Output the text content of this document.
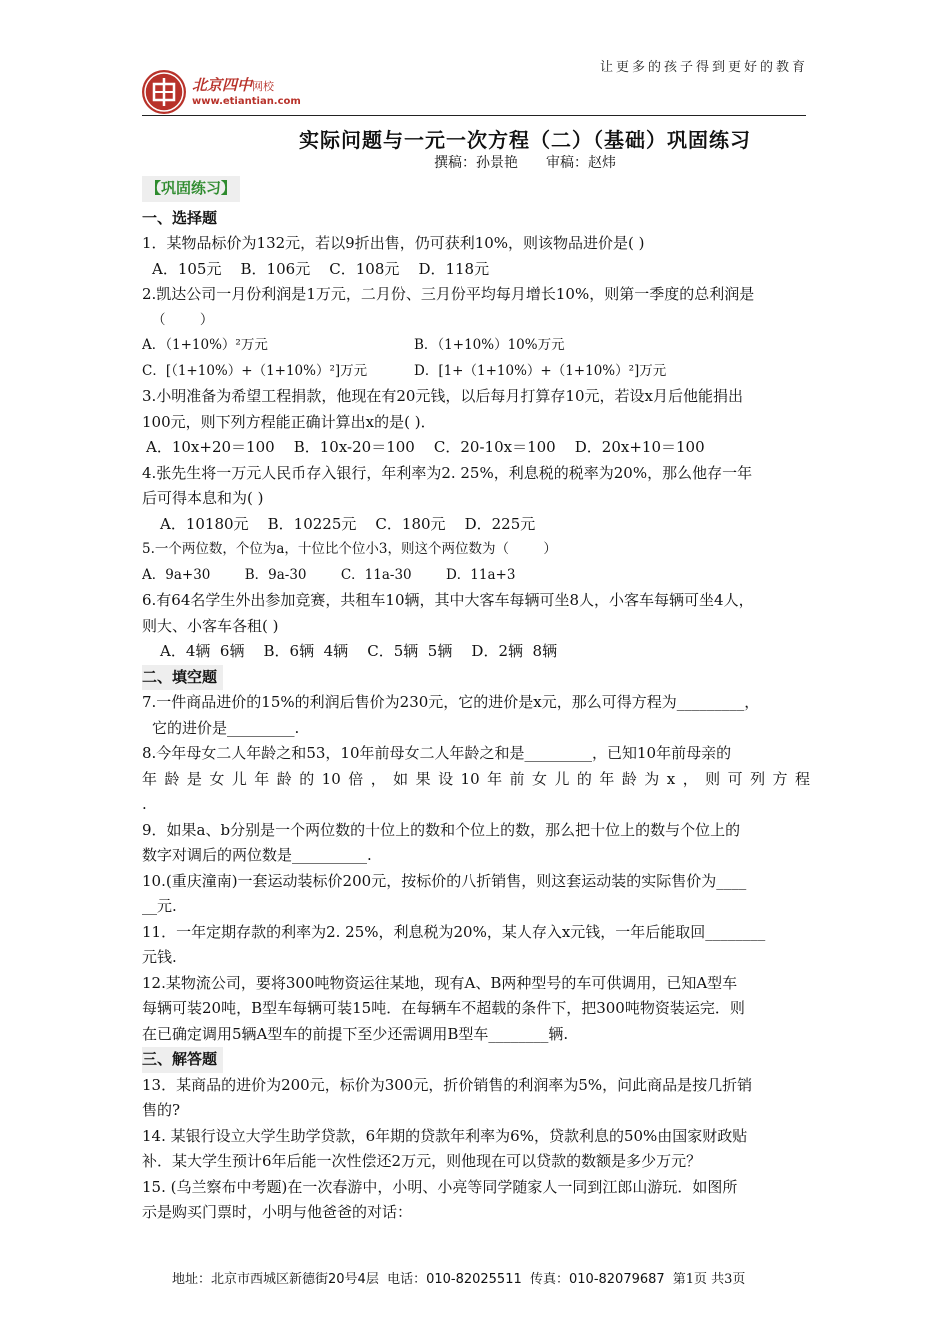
让更多的孩子得到更好的教育
北京四中网校
www.etiantian.com
实际问题与一元一次方程（二）（基础）巩固练习
撰稿：孙景艳　　审稿：赵炜
【巩固练习】
一、选择题
1．某物品标价为132元，若以9折出售，仍可获利10%，则该物品进价是( )
A．105元    B．106元    C．108元    D．118元
2.凯达公司一月份利润是1万元，二月份、三月份平均每月增长10%，则第一季度的总利润是
（        ）
A．（1+10%）²万元	B．（1+10%）10%万元
C．[（1+10%）+（1+10%）²]万元	D．[1+（1+10%）+（1+10%）²]万元
3.小明准备为希望工程捐款，他现在有20元钱，以后每月打算存10元，若设x月后他能捐出
100元，则下列方程能正确计算出x的是( )．
A．10x+20＝100    B．10x-20＝100    C．20-10x＝100    D．20x+10＝100
4.张先生将一万元人民币存入银行，年利率为2. 25%，利息税的税率为20%，那么他存一年
后可得本息和为( )
A．10180元    B．10225元    C．180元    D．225元
5.一个两位数，个位为a，十位比个位小3，则这个两位数为（        ）
A．9a+30        B．9a-30        C．11a-30        D．11a+3
6.有64名学生外出参加竞赛，共租车10辆，其中大客车每辆可坐8人，小客车每辆可坐4人，
则大、小客车各租( )
A．4辆  6辆    B．6辆  4辆    C．5辆  5辆    D．2辆  8辆
二、填空题
7.一件商品进价的15%的利润后售价为230元，它的进价是x元，那么可得方程为_________，
它的进价是_________.
8.今年母女二人年龄之和53，10年前母女二人年龄之和是_________，已知10年前母亲的
年龄是女儿年龄的10倍，如果设10年前女儿的年龄为x，则可列方程
.
9．如果a、b分别是一个两位数的十位上的数和个位上的数，那么把十位上的数与个位上的
数字对调后的两位数是__________.
10.(重庆潼南)一套运动装标价200元，按标价的八折销售，则这套运动装的实际售价为____
__元.
11．一年定期存款的利率为2. 25%，利息税为20%，某人存入x元钱，一年后能取回________
元钱.
12.某物流公司，要将300吨物资运往某地，现有A、B两种型号的车可供调用，已知A型车
每辆可装20吨，B型车每辆可装15吨．在每辆车不超载的条件下，把300吨物资装运完．则
在已确定调用5辆A型车的前提下至少还需调用B型车________辆.
三、解答题
13．某商品的进价为200元，标价为300元，折价销售的利润率为5%，问此商品是按几折销
售的?
14. 某银行设立大学生助学贷款，6年期的贷款年利率为6%，贷款利息的50%由国家财政贴
补．某大学生预计6年后能一次性偿还2万元，则他现在可以贷款的数额是多少万元？
15. (乌兰察布中考题)在一次春游中，小明、小亮等同学随家人一同到江郎山游玩．如图所
示是购买门票时，小明与他爸爸的对话：
地址：北京市西城区新德街20号4层  电话：010-82025511  传真：010-82079687 第1页 共3页
